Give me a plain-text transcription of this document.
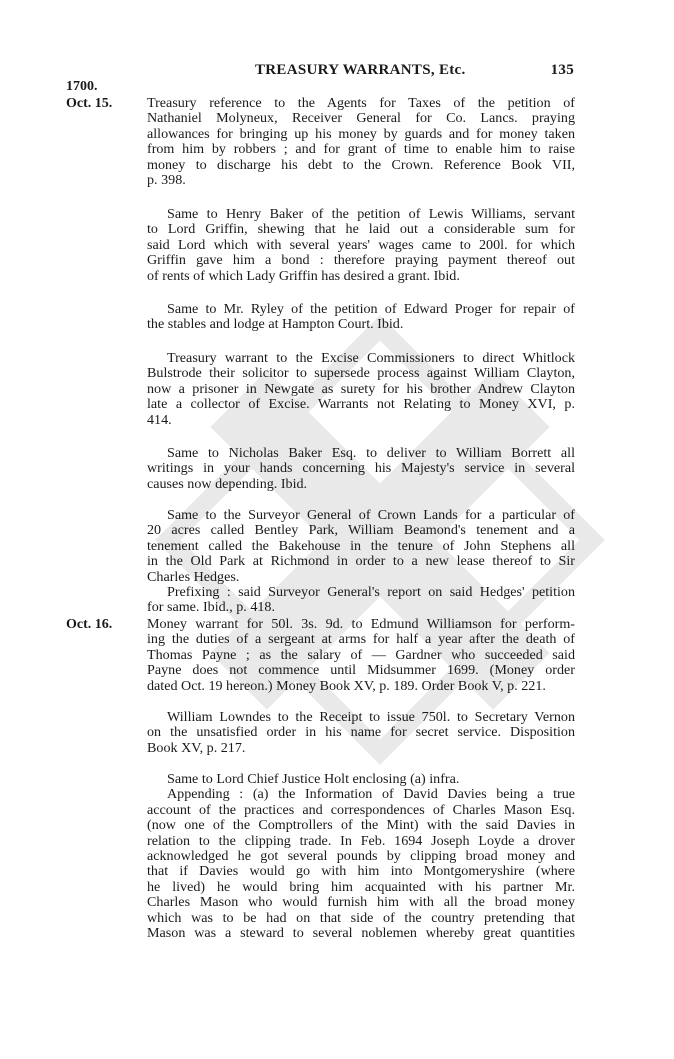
TREASURY WARRANTS, Etc.	135
1700.
Oct. 15.
Oct. 16.
Treasury reference to the Agents for Taxes of the petition of
Nathaniel Molyneux, Receiver General for Co. Lancs. praying
allowances for bringing up his money by guards and for money taken
from him by robbers ; and for grant of time to enable him to raise
money to discharge his debt to the Crown. Reference Book VII,
p. 398.
Same to Henry Baker of the petition of Lewis Williams, servant
to Lord Griffin, shewing that he laid out a considerable sum for
said Lord which with several years' wages came to 200l. for which
Griffin gave him a bond : therefore praying payment thereof out
of rents of which Lady Griffin has desired a grant. Ibid.
Same to Mr. Ryley of the petition of Edward Proger for repair of
the stables and lodge at Hampton Court. Ibid.
Treasury warrant to the Excise Commissioners to direct Whitlock
Bulstrode their solicitor to supersede process against William Clayton,
now a prisoner in Newgate as surety for his brother Andrew Clayton
late a collector of Excise. Warrants not Relating to Money XVI, p.
414.
Same to Nicholas Baker Esq. to deliver to William Borrett all
writings in your hands concerning his Majesty's service in several
causes now depending. Ibid.
Same to the Surveyor General of Crown Lands for a particular of
20 acres called Bentley Park, William Beamond's tenement and a
tenement called the Bakehouse in the tenure of John Stephens all
in the Old Park at Richmond in order to a new lease thereof to Sir
Charles Hedges.
Prefixing : said Surveyor General's report on said Hedges' petition
for same. Ibid., p. 418.
Money warrant for 50l. 3s. 9d. to Edmund Williamson for perform-
ing the duties of a sergeant at arms for half a year after the death of
Thomas Payne ; as the salary of — Gardner who succeeded said
Payne does not commence until Midsummer 1699. (Money order
dated Oct. 19 hereon.) Money Book XV, p. 189. Order Book V, p. 221.
William Lowndes to the Receipt to issue 750l. to Secretary Vernon
on the unsatisfied order in his name for secret service. Disposition
Book XV, p. 217.
Same to Lord Chief Justice Holt enclosing (a) infra.
Appending : (a) the Information of David Davies being a true
account of the practices and correspondences of Charles Mason Esq.
(now one of the Comptrollers of the Mint) with the said Davies in
relation to the clipping trade. In Feb. 1694 Joseph Loyde a drover
acknowledged he got several pounds by clipping broad money and
that if Davies would go with him into Montgomeryshire (where
he lived) he would bring him acquainted with his partner Mr.
Charles Mason who would furnish him with all the broad money
which was to be had on that side of the country pretending that
Mason was a steward to several noblemen whereby great quantities
